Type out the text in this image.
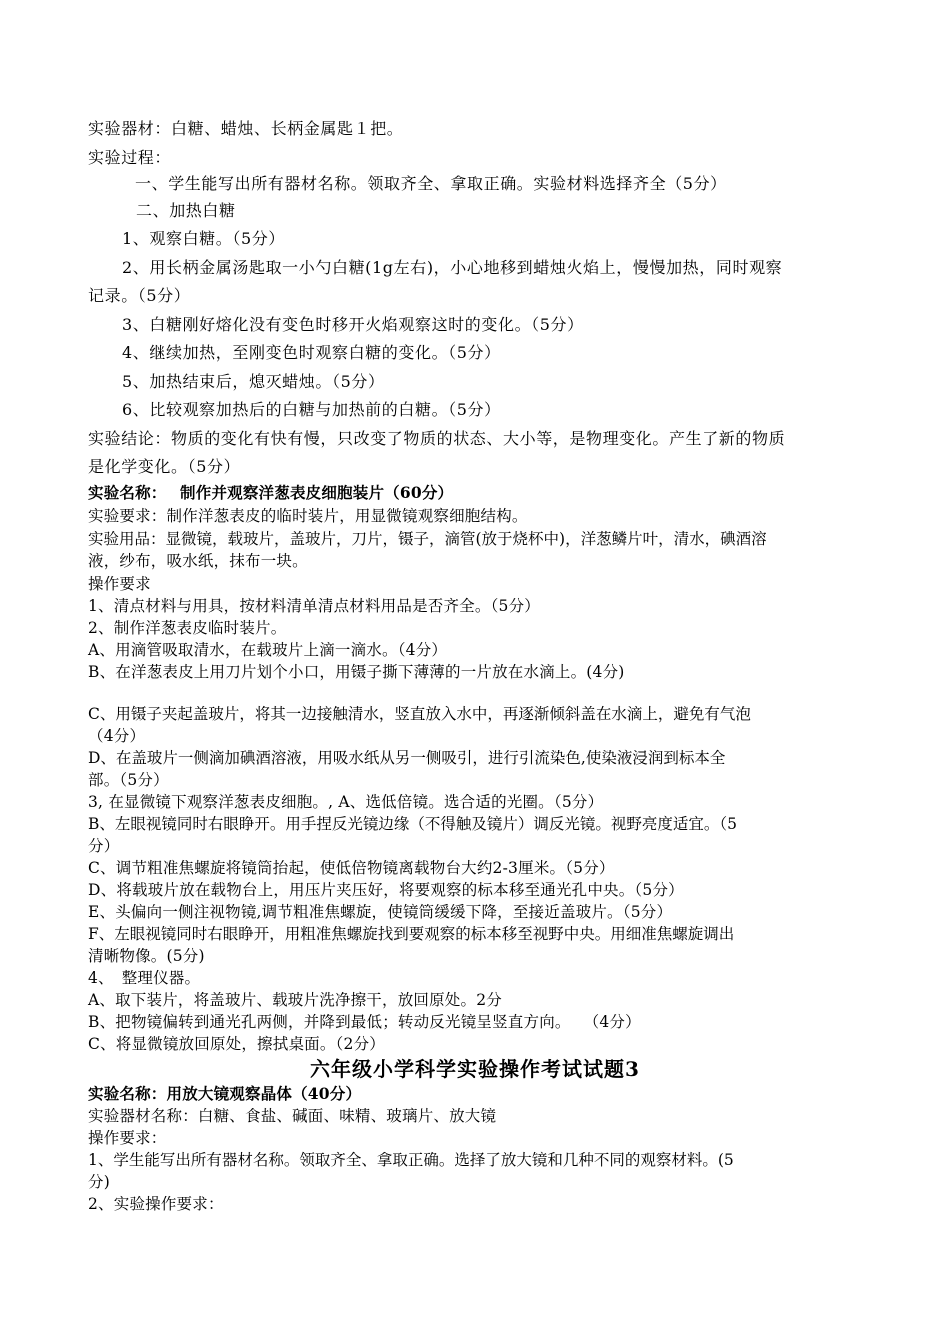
实验器材：白糖、蜡烛、长柄金属匙１把。
实验过程：
一、学生能写出所有器材名称。领取齐全、拿取正确。实验材料选择齐全（5分）
二、加热白糖
1、观察白糖。（5分）
2、用长柄金属汤匙取一小勺白糖(1g左右)，小心地移到蜡烛火焰上，慢慢加热，同时观察
记录。（5分）
3、白糖刚好熔化没有变色时移开火焰观察这时的变化。（5分）
4、继续加热，至刚变色时观察白糖的变化。（5分）
5、加热结束后，熄灭蜡烛。（5分）
6、比较观察加热后的白糖与加热前的白糖。（5分）
实验结论：物质的变化有快有慢，只改变了物质的状态、大小等，是物理变化。产生了新的物质
是化学变化。（5分）
实验名称：　 制作并观察洋葱表皮细胞装片（60分）
实验要求：制作洋葱表皮的临时装片，用显微镜观察细胞结构。
实验用品：显微镜，载玻片，盖玻片，刀片，镊子，滴管(放于烧杯中)，洋葱鳞片叶，清水，碘酒溶
液，纱布，吸水纸，抹布一块。
操作要求
1、清点材料与用具，按材料清单清点材料用品是否齐全。（5分）
2、制作洋葱表皮临时装片。
A、用滴管吸取清水，在载玻片上滴一滴水。（4分）
B、在洋葱表皮上用刀片划个小口，用镊子撕下薄薄的一片放在水滴上。(4分)
C、用镊子夹起盖玻片，将其一边接触清水，竖直放入水中，再逐渐倾斜盖在水滴上，避免有气泡
（4分）
D、在盖玻片一侧滴加碘酒溶液，用吸水纸从另一侧吸引，进行引流染色,使染液浸润到标本全
部。（5分）
3, 在显微镜下观察洋葱表皮细胞。, A、选低倍镜。选合适的光圈。（5分）
B、左眼视镜同时右眼睁开。用手捏反光镜边缘（不得触及镜片）调反光镜。视野亮度适宜。（5
分）
C、调节粗准焦螺旋将镜筒抬起，使低倍物镜离载物台大约2-3厘米。（5分）
D、将载玻片放在载物台上，用压片夹压好，将要观察的标本移至通光孔中央。（5分）
E、头偏向一侧注视物镜,调节粗准焦螺旋，使镜筒缓缓下降，至接近盖玻片。（5分）
F、左眼视镜同时右眼睁开，用粗准焦螺旋找到要观察的标本移至视野中央。用细准焦螺旋调出
清晰物像。(5分)
4、　整理仪器。
A、取下装片，将盖玻片、载玻片洗净擦干，放回原处。2分
B、把物镜偏转到通光孔两侧，并降到最低；转动反光镜呈竖直方向。　 （4分）
C、将显微镜放回原处，擦拭桌面。（2分）
六年级小学科学实验操作考试试题3
实验名称：用放大镜观察晶体（40分）
实验器材名称：白糖、食盐、碱面、味精、玻璃片、放大镜
操作要求：
1、学生能写出所有器材名称。领取齐全、拿取正确。选择了放大镜和几种不同的观察材料。(5
分)
2、实验操作要求：
